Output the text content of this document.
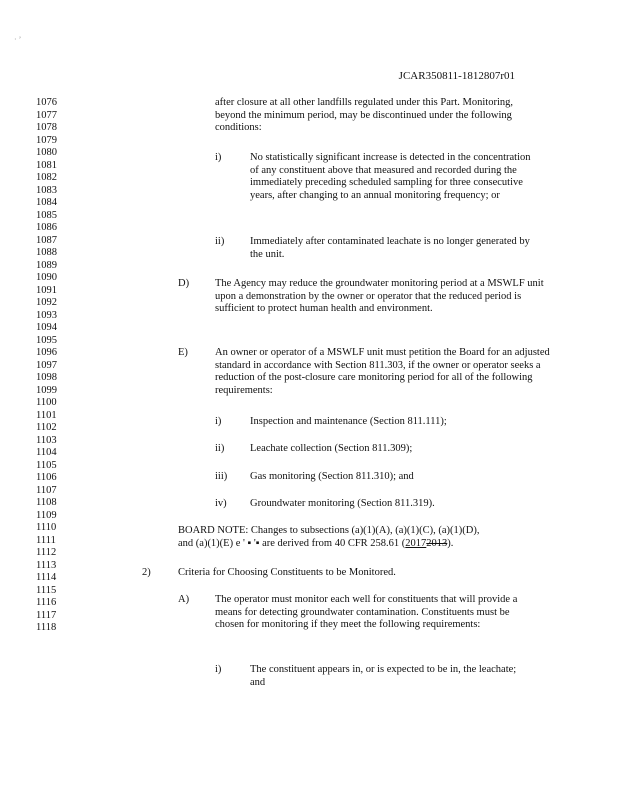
· ’
JCAR350811-1812807r01
1076
1077
1078
1079
1080
1081
1082
1083
1084
1085
1086
1087
1088
1089
1090
1091
1092
1093
1094
1095
1096
1097
1098
1099
1100
1101
1102
1103
1104
1105
1106
1107
1108
1109
1110
1111
1112
1113
1114
1115
1116
1117
1118
after closure at all other landfills regulated under this Part. Monitoring, beyond the minimum period, may be discontinued under the following conditions:
i)	No statistically significant increase is detected in the concentration of any constituent above that measured and recorded during the immediately preceding scheduled sampling for three consecutive years, after changing to an annual monitoring frequency; or
ii) Immediately after contaminated leachate is no longer generated by the unit.
D) The Agency may reduce the groundwater monitoring period at a MSWLF unit upon a demonstration by the owner or operator that the reduced period is sufficient to protect human health and environment.
E)	An owner or operator of a MSWLF unit must petition the Board for an adjusted standard in accordance with Section 811.303, if the owner or operator seeks a reduction of the post-closure care monitoring period for all of the following requirements:
i)	Inspection and maintenance (Section 811.111);
ii) Leachate collection (Section 811.309);
iii) Gas monitoring (Section 811.310); and
iv) Groundwater monitoring (Section 811.319).
BOARD NOTE: Changes to subsections (a)(1)(A), (a)(1)(C), (a)(1)(D),
and (a)(1)(E) e ' ▪ '▪ are derived from 40 CFR 258.61 (20172013).
2)	Criteria for Choosing Constituents to be Monitored.
A) The operator must monitor each well for constituents that will provide a means for detecting groundwater contamination. Constituents must be chosen for monitoring if they meet the following requirements:
i)	The constituent appears in, or is expected to be in, the leachate; and
